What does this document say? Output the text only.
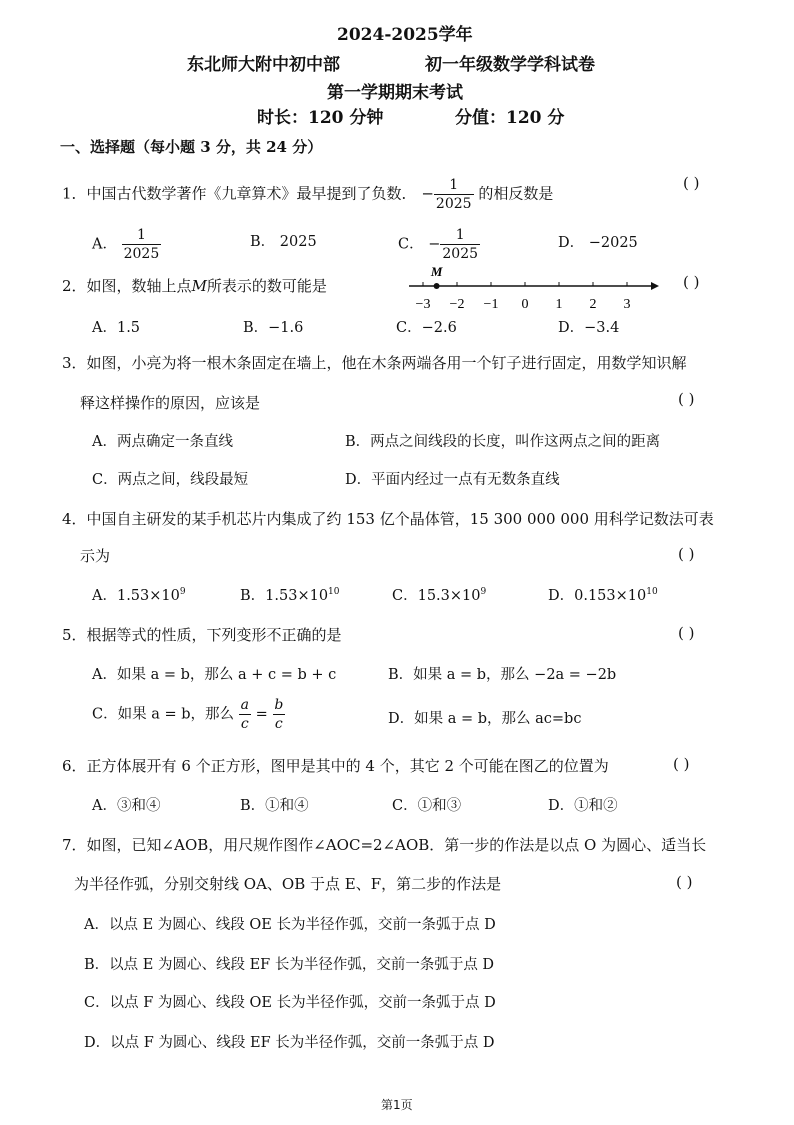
2024-2025学年
东北师大附中初中部	初一年级数学学科试卷
第一学期期末考试
时长：120 分钟	分值：120 分
一、选择题（每小题 3 分，共 24 分）
1．中国古代数学著作《九章算术》最早提到了负数． − $\frac{1}{2025}$ 的相反数是
( )
A． $\frac{1}{2025}$	B． 2025	C． − $\frac{1}{2025}$	D． −2025
2．如图，数轴上点M所表示的数可能是	( )
−3 −2 −1 0 1 2 3
M
A．1.5	B．−1.6	C．−2.6	D．−3.4
3．如图，小亮为将一根木条固定在墙上，他在木条两端各用一个钉子进行固定，用数学知识解
释这样操作的原因，应该是	( )
A．两点确定一条直线	B．两点之间线段的长度，叫作这两点之间的距离
C．两点之间，线段最短	D．平面内经过一点有无数条直线
4．中国自主研发的某手机芯片内集成了约 153 亿个晶体管，15 300 000 000 用科学记数法可表
示为	( )
A．$1.53\times 10^9$	B．$1.53\times 10^{10}$	C．$15.3\times 10^9$	D．$0.153\times 10^{10}$
5．根据等式的性质，下列变形不正确的是	( )
A．如果 a = b，那么 a + c = b + c	B．如果 a = b，那么 −2a = −2b
C．如果 a = b，那么 $\frac{a}{c} = \frac{b}{c}$	D．如果 a = b，那么 ac=bc
6．正方体展开有 6 个正方形，图甲是其中的 4 个，其它 2 个可能在图乙的位置为	( )
A．③和④	B．①和④	C．①和③	D．①和②
7．如图，已知∠AOB，用尺规作图作∠AOC=2∠AOB．第一步的作法是以点 O 为圆心、适当长
为半径作弧，分别交射线 OA、OB 于点 E、F，第二步的作法是	( )
A．以点 E 为圆心、线段 OE 长为半径作弧，交前一条弧于点 D
B．以点 E 为圆心、线段 EF 长为半径作弧，交前一条弧于点 D
C．以点 F 为圆心、线段 OE 长为半径作弧，交前一条弧于点 D
D．以点 F 为圆心、线段 EF 长为半径作弧，交前一条弧于点 D
第1页
